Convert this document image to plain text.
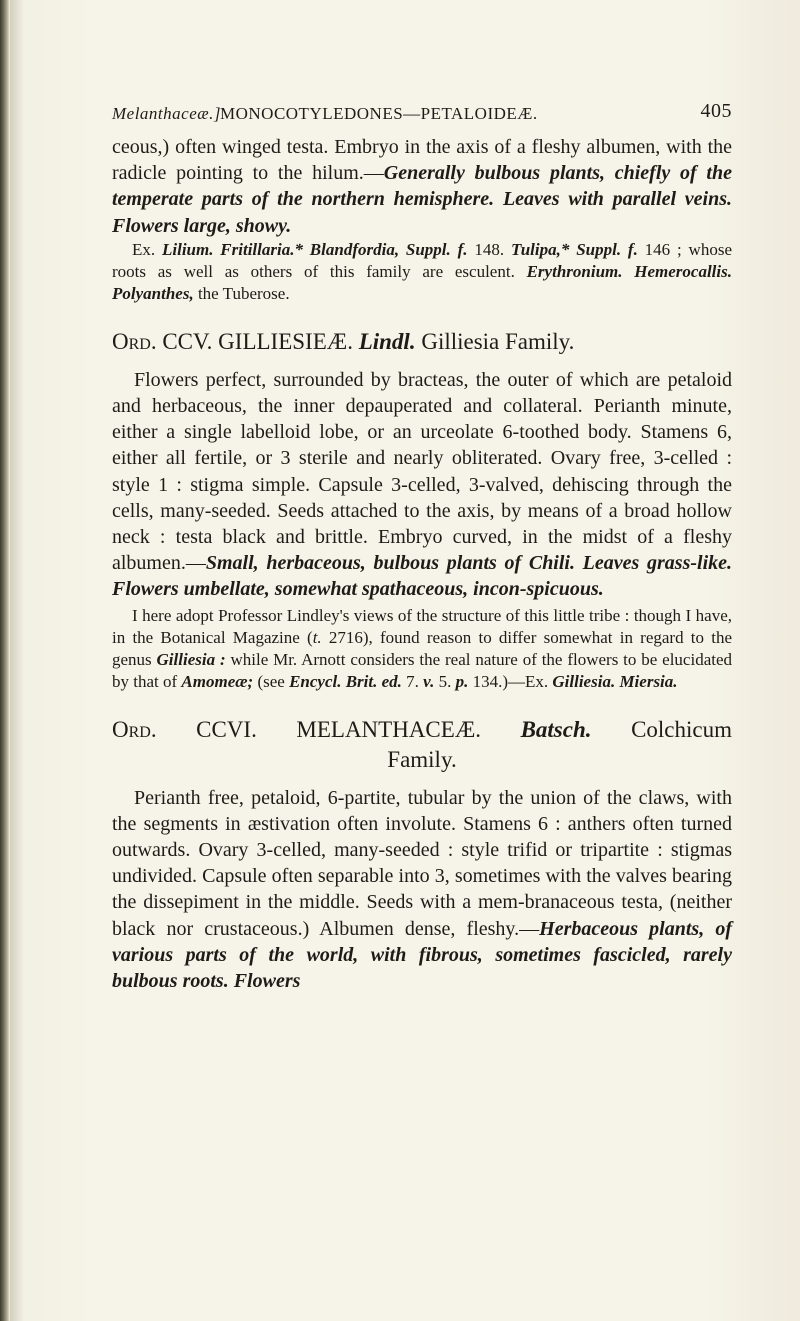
Melanthaceæ.] MONOCOTYLEDONES—PETALOIDEÆ.	405

ceous,) often winged testa. Embryo in the axis of a fleshy albumen, with the radicle pointing to the hilum.—Generally bulbous plants, chiefly of the temperate parts of the northern hemisphere. Leaves with parallel veins. Flowers large, showy.

Ex. Lilium. Fritillaria.* Blandfordia, Suppl. f. 148. Tulipa,* Suppl. f. 146 ; whose roots as well as others of this family are esculent. Erythronium. Hemerocallis. Polyanthes, the Tuberose.

Ord. CCV. GILLIESIEÆ. Lindl. Gilliesia Family.

Flowers perfect, surrounded by bracteas, the outer of which are petaloid and herbaceous, the inner depauperated and collateral. Perianth minute, either a single labelloid lobe, or an urceolate 6-toothed body. Stamens 6, either all fertile, or 3 sterile and nearly obliterated. Ovary free, 3-celled : style 1 : stigma simple. Capsule 3-celled, 3-valved, dehiscing through the cells, many-seeded. Seeds attached to the axis, by means of a broad hollow neck : testa black and brittle. Embryo curved, in the midst of a fleshy albumen.—Small, herbaceous, bulbous plants of Chili. Leaves grass-like. Flowers umbellate, somewhat spathaceous, incon-spicuous.

I here adopt Professor Lindley's views of the structure of this little tribe : though I have, in the Botanical Magazine (t. 2716), found reason to differ somewhat in regard to the genus Gilliesia : while Mr. Arnott considers the real nature of the flowers to be elucidated by that of Amomeæ; (see Encycl. Brit. ed. 7. v. 5. p. 134.)—Ex. Gilliesia. Miersia.

Ord. CCVI. MELANTHACEÆ. Batsch. Colchicum
Family.

Perianth free, petaloid, 6-partite, tubular by the union of the claws, with the segments in æstivation often involute. Stamens 6 : anthers often turned outwards. Ovary 3-celled, many-seeded : style trifid or tripartite : stigmas undivided. Capsule often separable into 3, sometimes with the valves bearing the dissepiment in the middle. Seeds with a mem-branaceous testa, (neither black nor crustaceous.) Albumen dense, fleshy.—Herbaceous plants, of various parts of the world, with fibrous, sometimes fascicled, rarely bulbous roots. Flowers
